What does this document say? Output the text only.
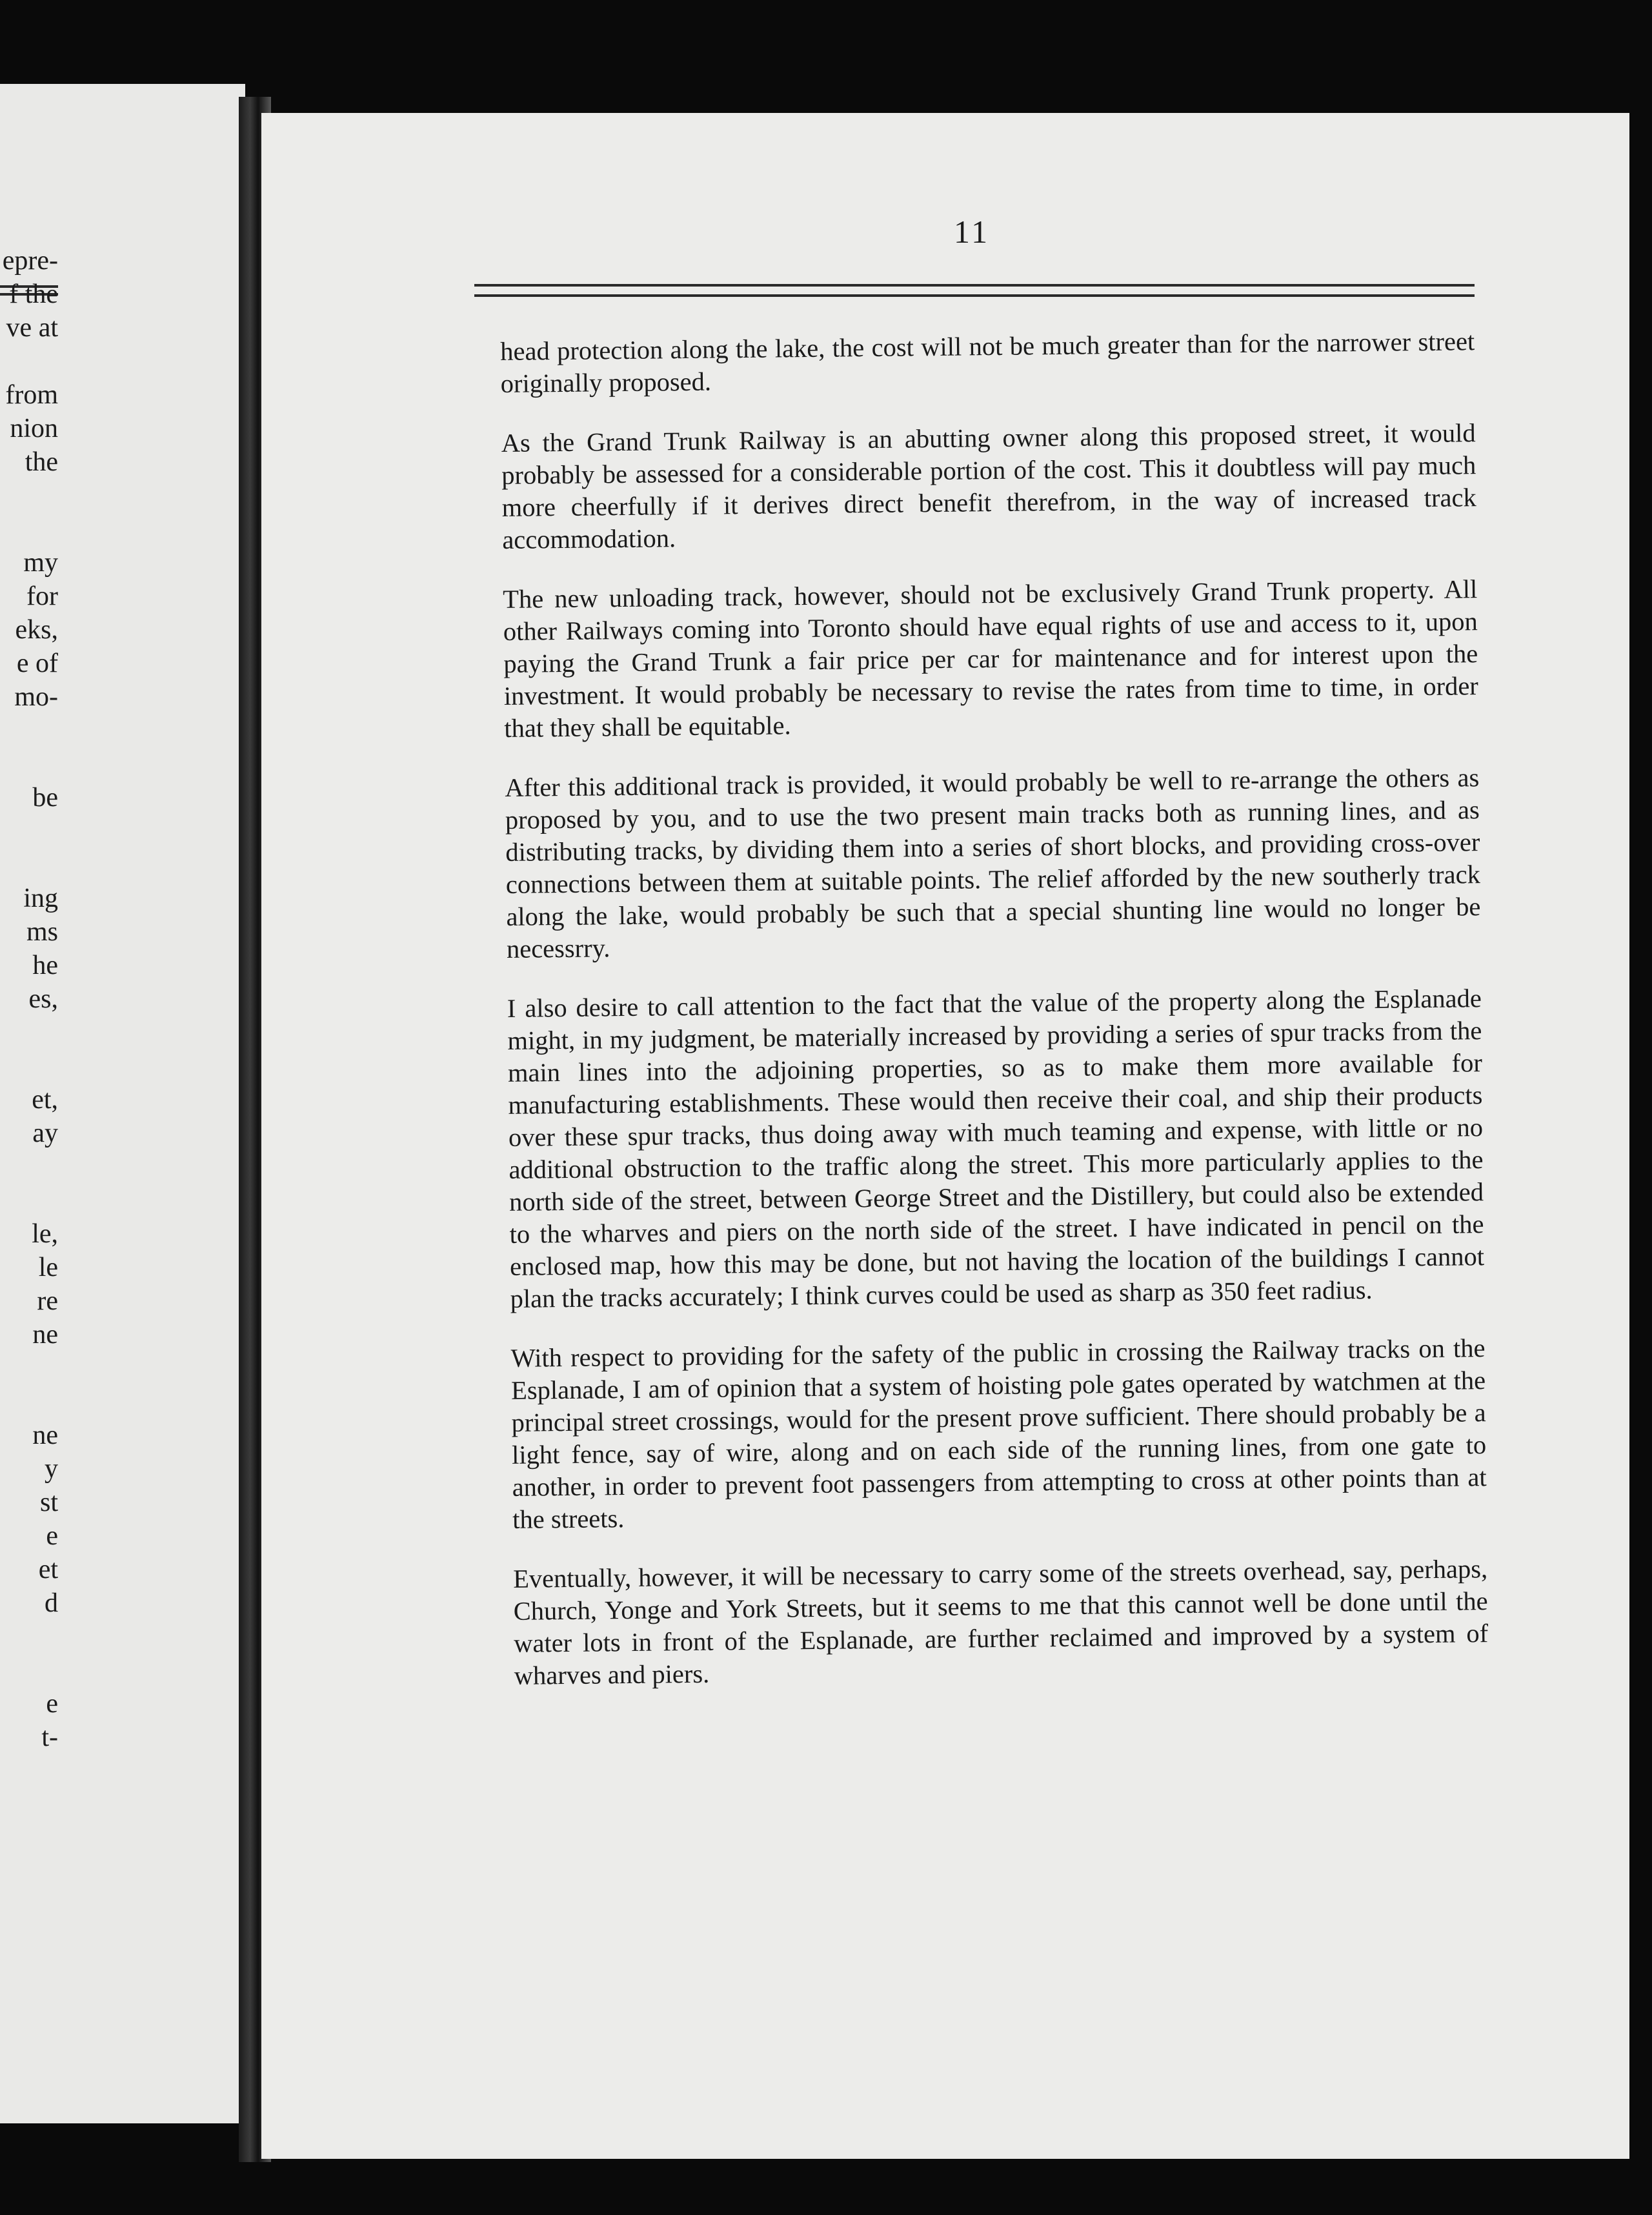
epre-
f the
ve at
from
nion
the
my
for
eks,
e of
mo-
be
ing
ms
he
es,
et,
ay
le,
le
re
ne
ne
y
st
e
et
d
e
t-
11

head protection along the lake, the cost will not be much greater than for the narrower street originally proposed.

As the Grand Trunk Railway is an abutting owner along this proposed street, it would probably be assessed for a considerable portion of the cost. This it doubtless will pay much more cheerfully if it derives direct benefit therefrom, in the way of increased track accommodation.

The new unloading track, however, should not be exclusively Grand Trunk property. All other Railways coming into Toronto should have equal rights of use and access to it, upon paying the Grand Trunk a fair price per car for maintenance and for interest upon the investment. It would probably be necessary to revise the rates from time to time, in order that they shall be equitable.

After this additional track is provided, it would probably be well to re-arrange the others as proposed by you, and to use the two present main tracks both as running lines, and as distributing tracks, by dividing them into a series of short blocks, and providing cross-over connections between them at suitable points. The relief afforded by the new southerly track along the lake, would probably be such that a special shunting line would no longer be necessrry.

I also desire to call attention to the fact that the value of the property along the Esplanade might, in my judgment, be materially increased by providing a series of spur tracks from the main lines into the adjoining properties, so as to make them more available for manufacturing establishments. These would then receive their coal, and ship their products over these spur tracks, thus doing away with much teaming and expense, with little or no additional obstruction to the traffic along the street. This more particularly applies to the north side of the street, between George Street and the Distillery, but could also be extended to the wharves and piers on the north side of the street. I have indicated in pencil on the enclosed map, how this may be done, but not having the location of the buildings I cannot plan the tracks accurately; I think curves could be used as sharp as 350 feet radius.

With respect to providing for the safety of the public in crossing the Railway tracks on the Esplanade, I am of opinion that a system of hoisting pole gates operated by watchmen at the principal street crossings, would for the present prove sufficient. There should probably be a light fence, say of wire, along and on each side of the running lines, from one gate to another, in order to prevent foot passengers from attempting to cross at other points than at the streets.

Eventually, however, it will be necessary to carry some of the streets overhead, say, perhaps, Church, Yonge and York Streets, but it seems to me that this cannot well be done until the water lots in front of the Esplanade, are further reclaimed and improved by a system of wharves and piers.
